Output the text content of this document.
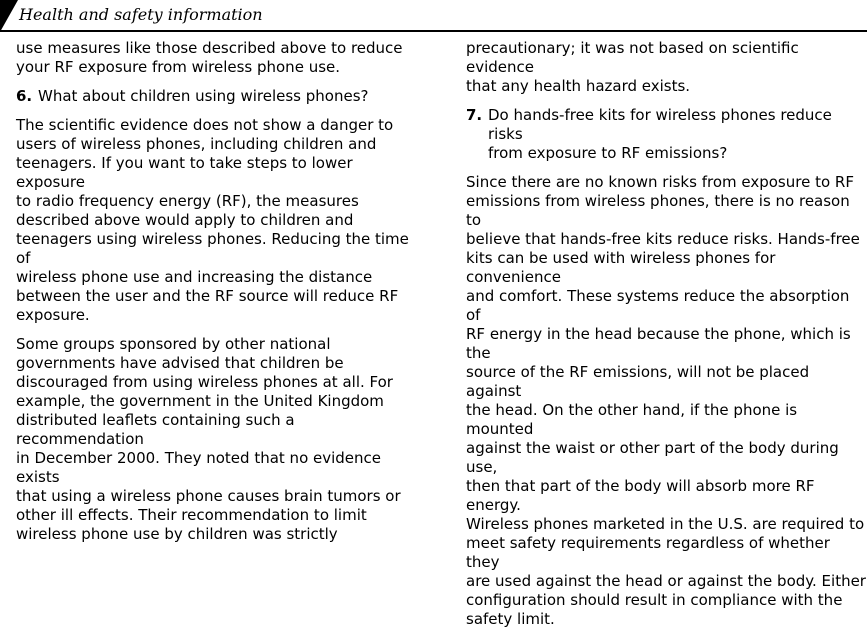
Health and safety information

use measures like those described above to reduce
your RF exposure from wireless phone use.

6. What about children using wireless phones?

The scientific evidence does not show a danger to
users of wireless phones, including children and
teenagers. If you want to take steps to lower exposure
to radio frequency energy (RF), the measures
described above would apply to children and
teenagers using wireless phones. Reducing the time of
wireless phone use and increasing the distance
between the user and the RF source will reduce RF
exposure.

Some groups sponsored by other national
governments have advised that children be
discouraged from using wireless phones at all. For
example, the government in the United Kingdom
distributed leaflets containing such a recommendation
in December 2000. They noted that no evidence exists
that using a wireless phone causes brain tumors or
other ill effects. Their recommendation to limit
wireless phone use by children was strictly

precautionary; it was not based on scientific evidence
that any health hazard exists.

7. Do hands-free kits for wireless phones reduce risks
from exposure to RF emissions?

Since there are no known risks from exposure to RF
emissions from wireless phones, there is no reason to
believe that hands-free kits reduce risks. Hands-free
kits can be used with wireless phones for convenience
and comfort. These systems reduce the absorption of
RF energy in the head because the phone, which is the
source of the RF emissions, will not be placed against
the head. On the other hand, if the phone is mounted
against the waist or other part of the body during use,
then that part of the body will absorb more RF energy.
Wireless phones marketed in the U.S. are required to
meet safety requirements regardless of whether they
are used against the head or against the body. Either
configuration should result in compliance with the
safety limit.
